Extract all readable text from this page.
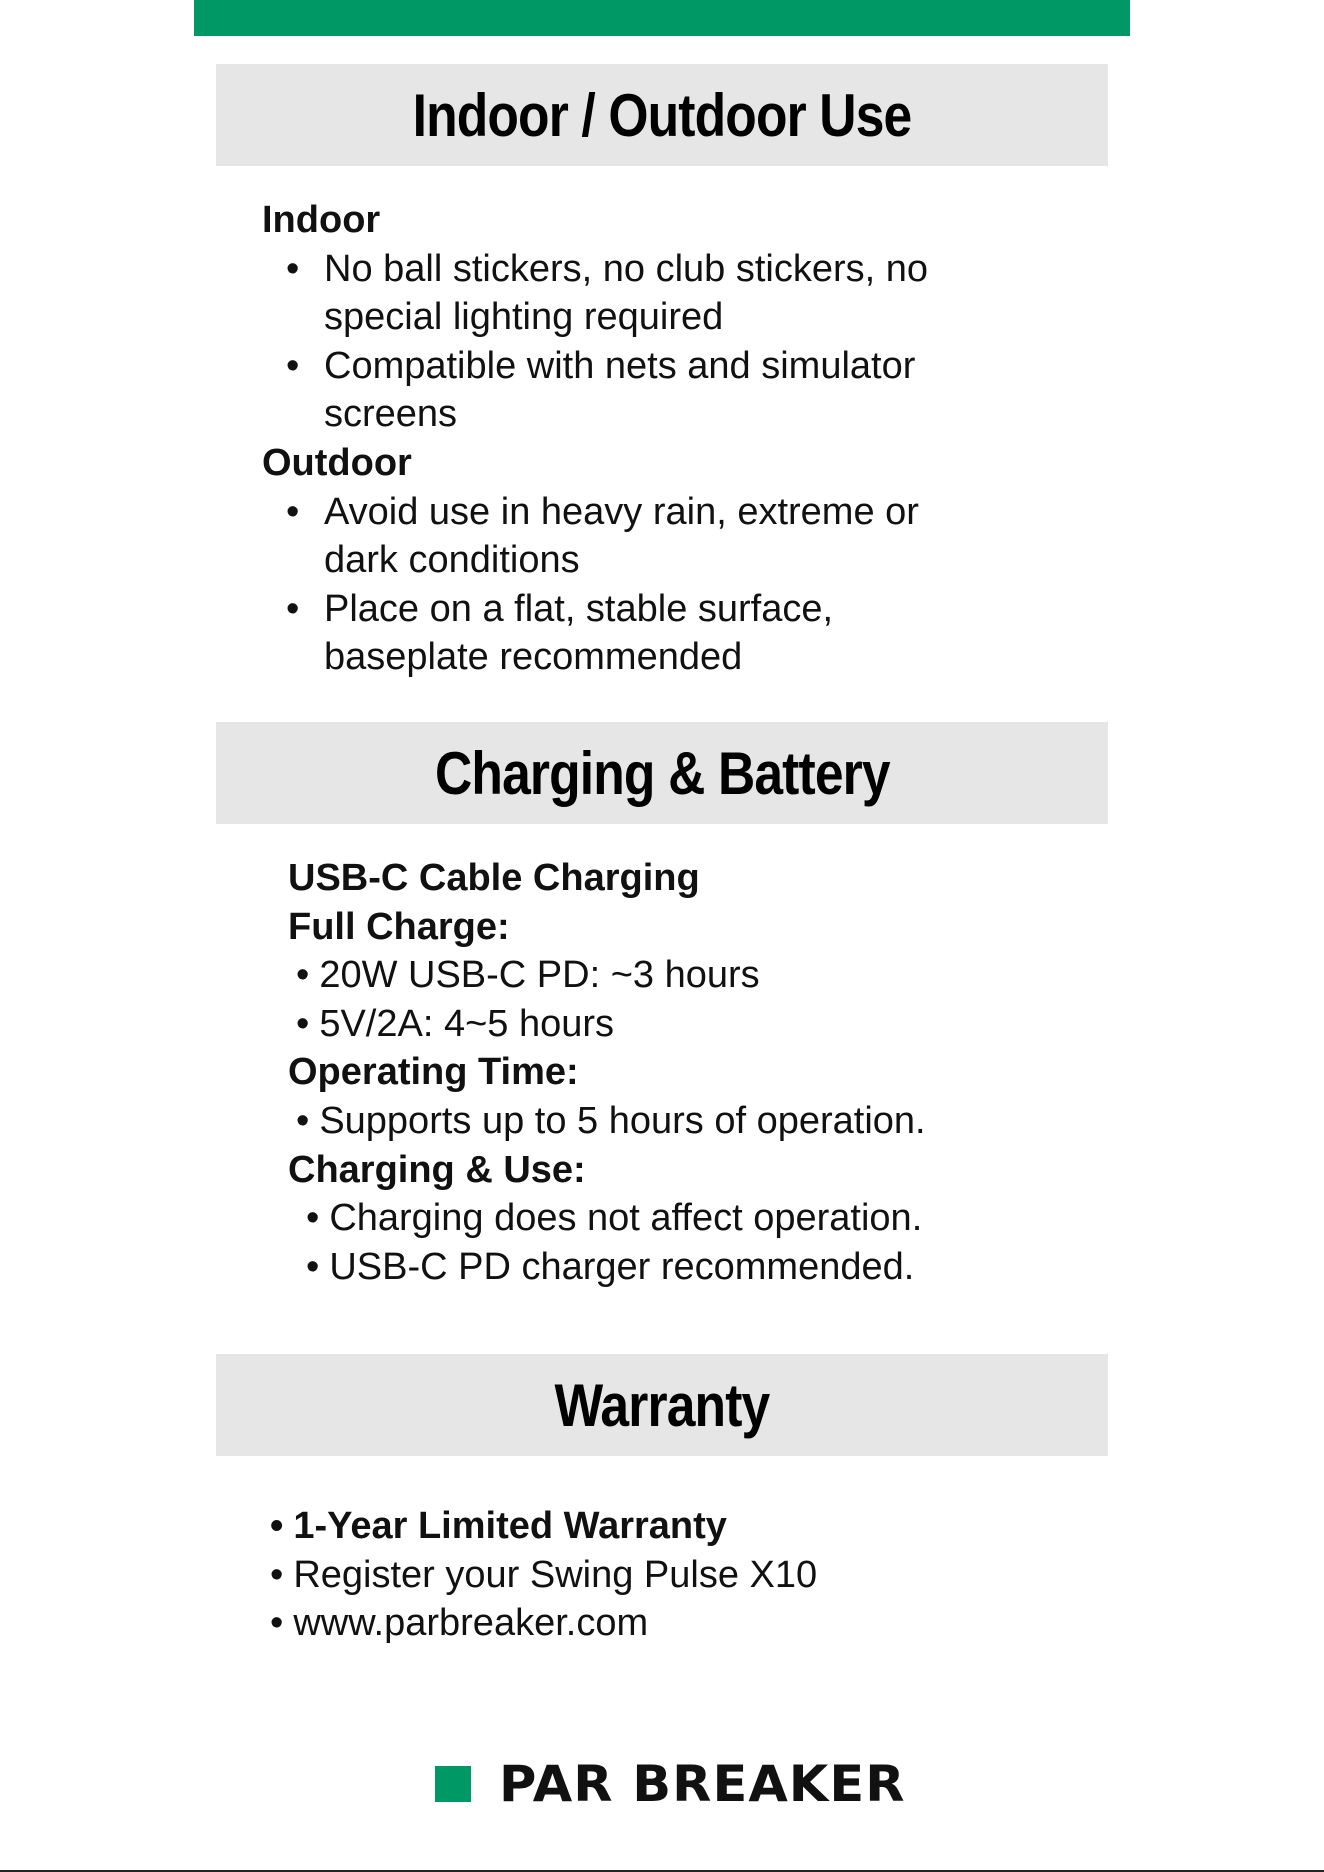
Indoor / Outdoor Use
Indoor
• No ball stickers, no club stickers, no
special lighting required
• Compatible with nets and simulator
screens
Outdoor
• Avoid use in heavy rain, extreme or
dark conditions
• Place on a flat, stable surface,
baseplate recommended
Charging & Battery
USB-C Cable Charging
Full Charge:
• 20W USB-C PD: ~3 hours
• 5V/2A: 4~5 hours
Operating Time:
• Supports up to 5 hours of operation.
Charging & Use:
• Charging does not affect operation.
• USB-C PD charger recommended.
Warranty
• 1-Year Limited Warranty
• Register your Swing Pulse X10
• www.parbreaker.com
PAR BREAKER
